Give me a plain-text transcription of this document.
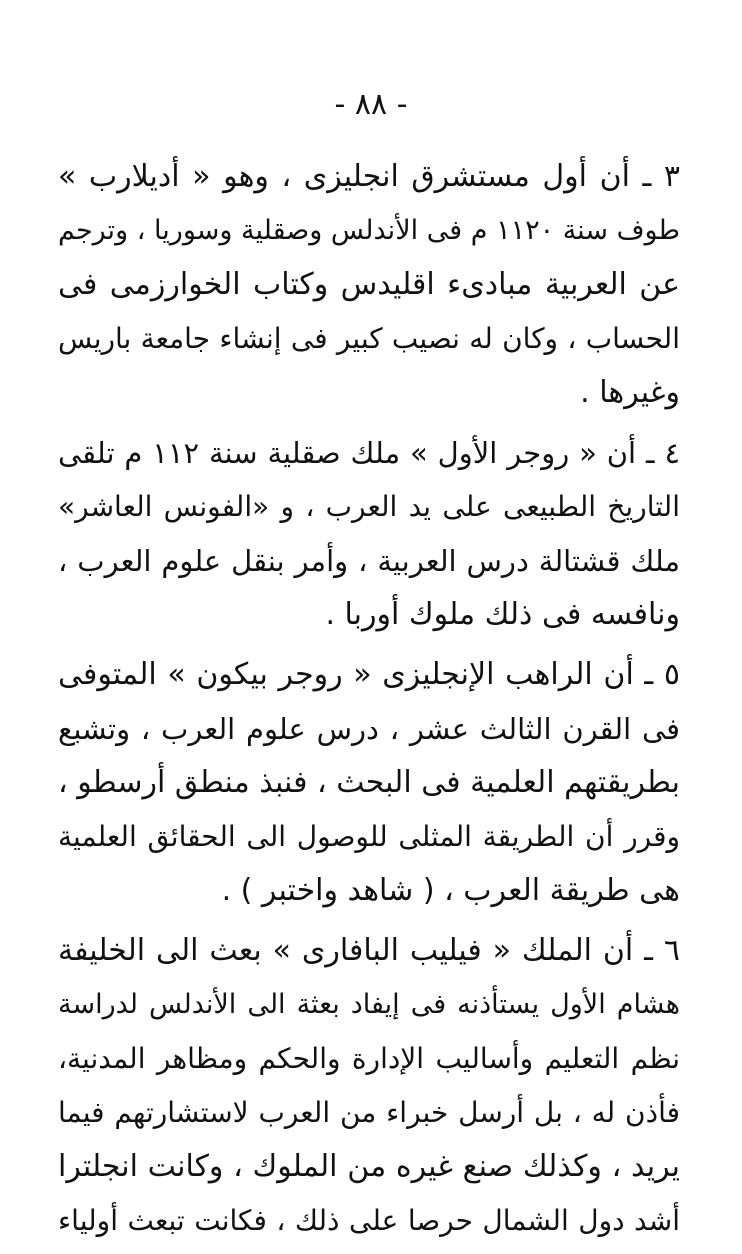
- ٨٨ -
٣ ـ أن أول مستشرق انجليزى ، وهو « أديلارب »
طوف سنة ١١٢٠ م فى الأندلس وصقلية وسوريا ، وترجم
عن العربية مبادىء اقليدس وكتاب الخوارزمى فى
الحساب ، وكان له نصيب كبير فى إنشاء جامعة باريس
وغيرها .
٤ ـ أن « روجر الأول » ملك صقلية سنة ١١٢ م تلقى
التاريخ الطبيعى على يد العرب ، و «الفونس العاشر»
ملك قشتالة درس العربية ، وأمر بنقل علوم العرب ،
ونافسه فى ذلك ملوك أوربا .
٥ ـ أن الراهب الإنجليزى « روجر بيكون » المتوفى
فى القرن الثالث عشر ، درس علوم العرب ، وتشبع
بطريقتهم العلمية فى البحث ، فنبذ منطق أرسطو ،
وقرر أن الطريقة المثلى للوصول الى الحقائق العلمية
هى طريقة العرب ، ( شاهد واختبر ) .
٦ ـ أن الملك « فيليب البافارى » بعث الى الخليفة
هشام الأول يستأذنه فى إيفاد بعثة الى الأندلس لدراسة
نظم التعليم وأساليب الإدارة والحكم ومظاهر المدنية،
فأذن له ، بل أرسل خبراء من العرب لاستشارتهم فيما
يريد ، وكذلك صنع غيره من الملوك ، وكانت انجلترا
أشد دول الشمال حرصا على ذلك ، فكانت تبعث أولياء
